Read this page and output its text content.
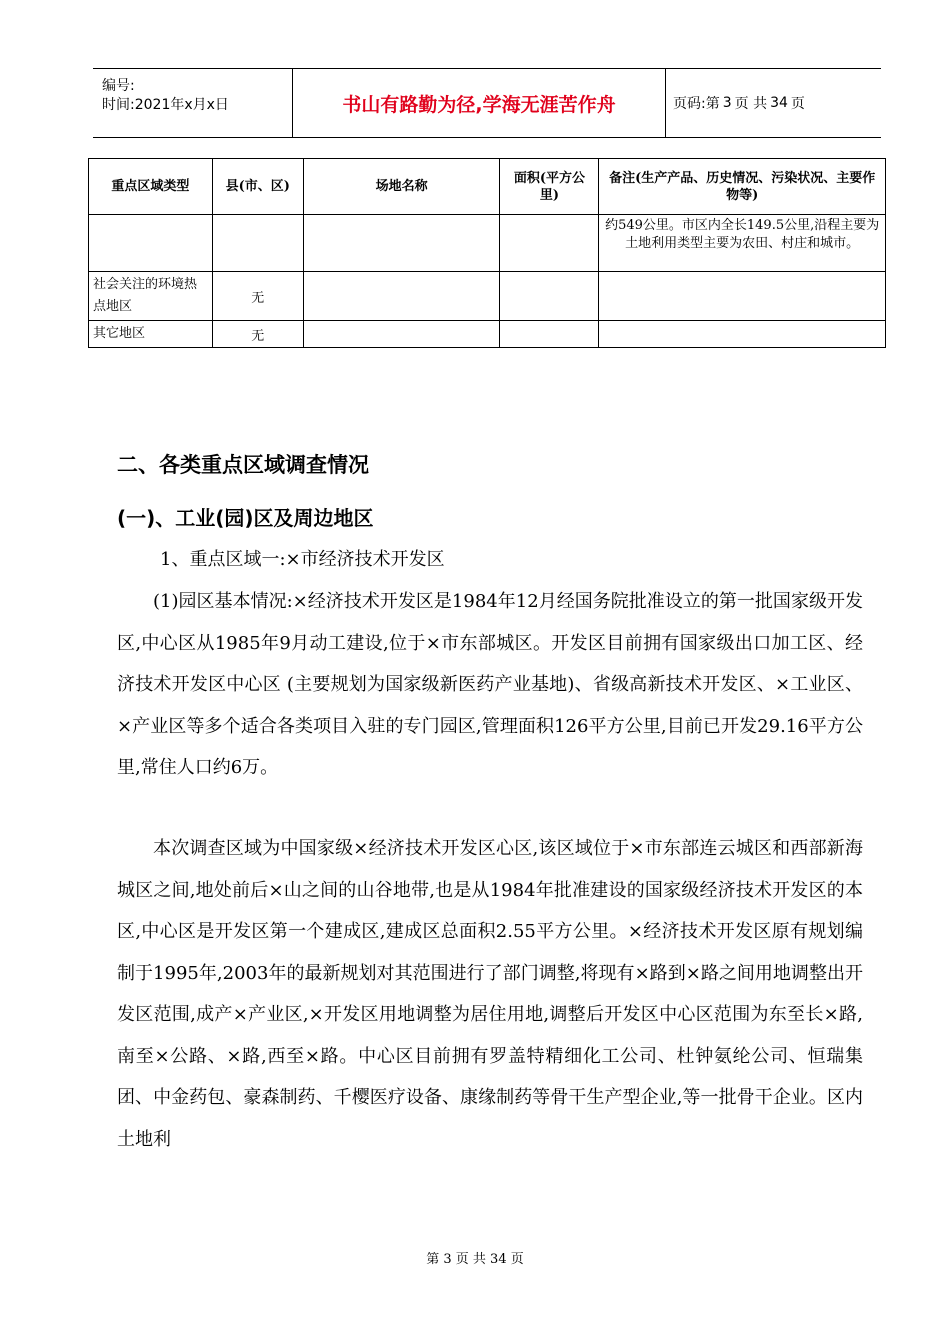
编号:
时间:2021年x月x日	书山有路勤为径,学海无涯苦作舟	页码:第 3 页 共 34 页
重点区域类型	县(市、区)	场地名称	面积(平方公里)	备注(生产产品、历史情况、污染状况、主要作物等)
				约549公里。市区内全长149.5公里,沿程主要为土地利用类型主要为农田、村庄和城市。
社会关注的环境热点地区	无			
其它地区	无			
二、各类重点区域调查情况
(一)、工业(园)区及周边地区
1、重点区域一:×市经济技术开发区
(1)园区基本情况:×经济技术开发区是1984年12月经国务院批准设立的第一批国家级开发区,中心区从1985年9月动工建设,位于×市东部城区。开发区目前拥有国家级出口加工区、经济技术开发区中心区 (主要规划为国家级新医药产业基地)、省级高新技术开发区、×工业区、×产业区等多个适合各类项目入驻的专门园区,管理面积126平方公里,目前已开发29.16平方公里,常住人口约6万。
本次调查区域为中国家级×经济技术开发区心区,该区域位于×市东部连云城区和西部新海城区之间,地处前后×山之间的山谷地带,也是从1984年批准建设的国家级经济技术开发区的本区,中心区是开发区第一个建成区,建成区总面积2.55平方公里。×经济技术开发区原有规划编制于1995年,2003年的最新规划对其范围进行了部门调整,将现有×路到×路之间用地调整出开发区范围,成产×产业区,×开发区用地调整为居住用地,调整后开发区中心区范围为东至长×路,南至×公路、×路,西至×路。中心区目前拥有罗盖特精细化工公司、杜钟氨纶公司、恒瑞集团、中金药包、豪森制药、千樱医疗设备、康缘制药等骨干生产型企业,等一批骨干企业。区内土地利
第 3 页 共 34 页
